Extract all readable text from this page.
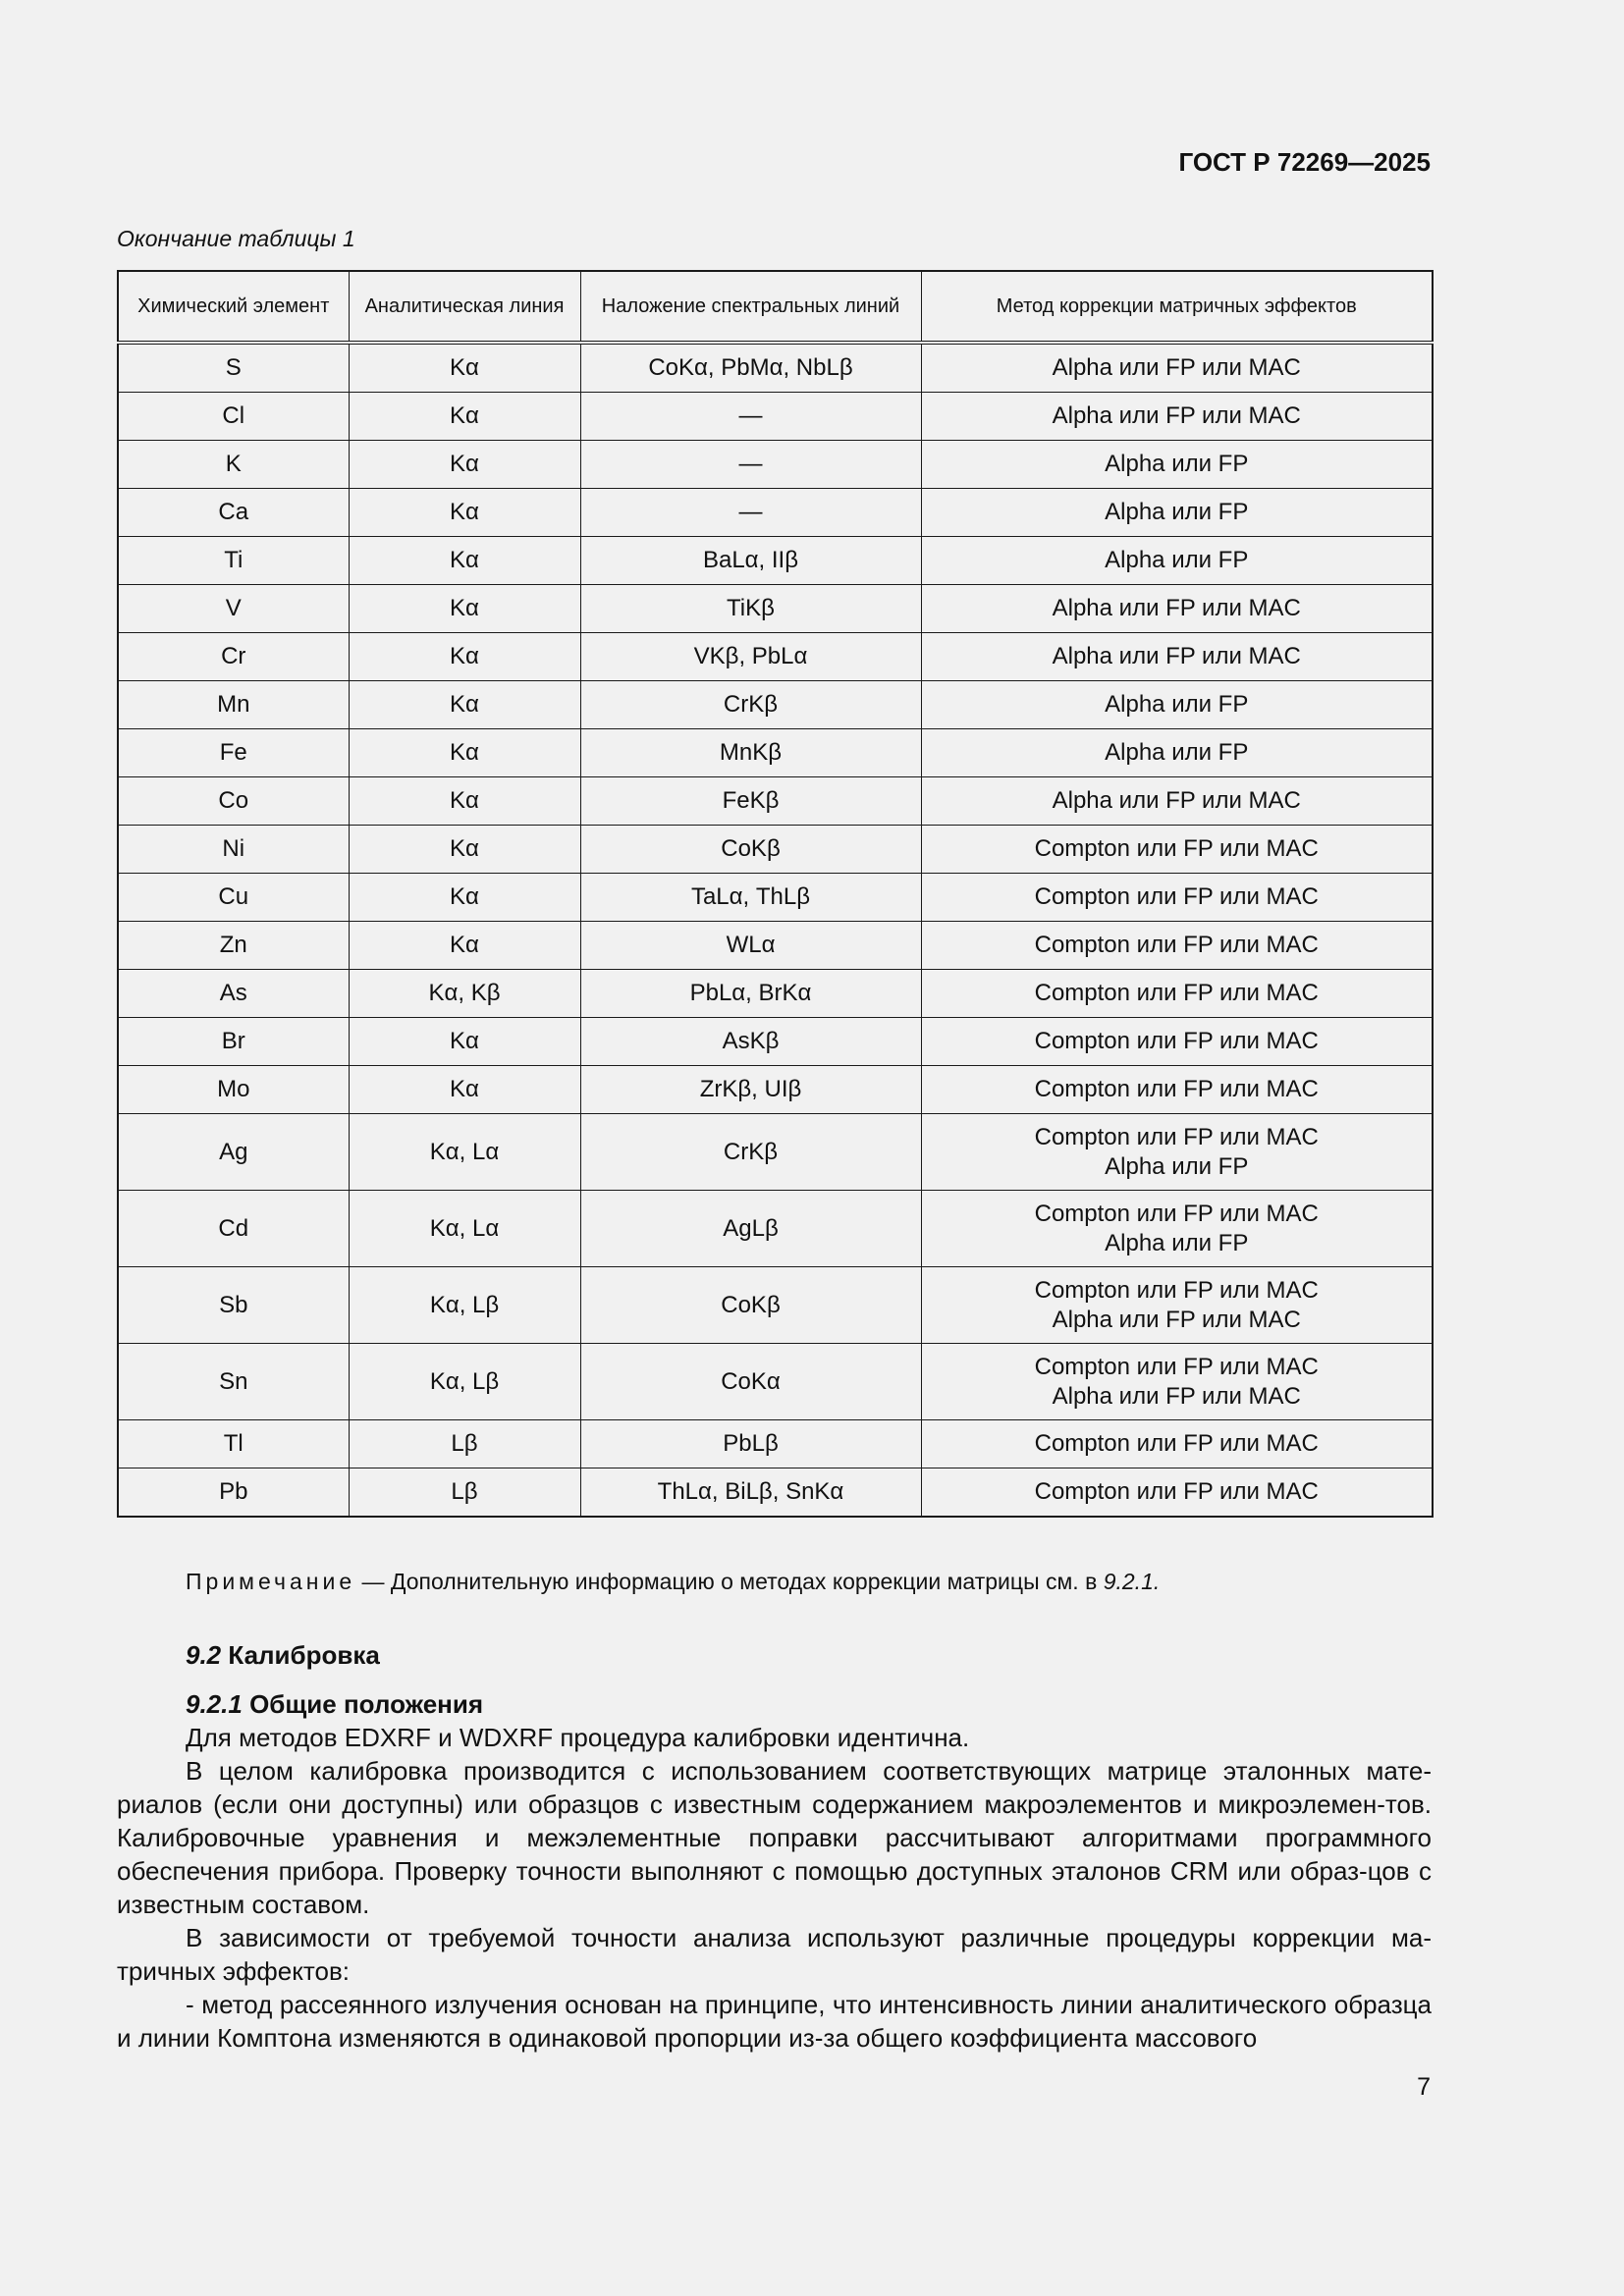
ГОСТ Р 72269—2025
Окончание таблицы 1
Химический элемент	Аналитическая линия	Наложение спектральных линий	Метод коррекции матричных эффектов
S	Kα	CoKα, PbMα, NbLβ	Alpha или FP или MAC

Cl	Kα	—	Alpha или FP или MAC

K	Kα	—	Alpha или FP

Ca	Kα	—	Alpha или FP

Ti	Kα	BaLα, IIβ	Alpha или FP

V	Kα	TiKβ	Alpha или FP или MAC

Cr	Kα	VKβ, PbLα	Alpha или FP или MAC

Mn	Kα	CrKβ	Alpha или FP

Fe	Kα	MnKβ	Alpha или FP

Co	Kα	FeKβ	Alpha или FP или MAC

Ni	Kα	CoKβ	Compton или FP или MAC

Cu	Kα	TaLα, ThLβ	Compton или FP или MAC

Zn	Kα	WLα	Compton или FP или MAC

As	Kα, Kβ	PbLα, BrKα	Compton или FP или MAC

Br	Kα	AsKβ	Compton или FP или MAC

Mo	Kα	ZrKβ, UIβ	Compton или FP или MAC

Ag	Kα, Lα	CrKβ	Compton или FP или MAC
Alpha или FP

Cd	Kα, Lα	AgLβ	Compton или FP или MAC
Alpha или FP

Sb	Kα, Lβ	CoKβ	Compton или FP или MAC
Alpha или FP или MAC

Sn	Kα, Lβ	CoKα	Compton или FP или MAC
Alpha или FP или MAC

Tl	Lβ	PbLβ	Compton или FP или MAC

Pb	Lβ	ThLα, BiLβ, SnKα	Compton или FP или MAC
Примечание — Дополнительную информацию о методах коррекции матрицы см. в 9.2.1.
9.2 Калибровка
9.2.1 Общие положения

Для методов EDXRF и WDXRF процедура калибровки идентична.

В целом калибровка производится с использованием соответствующих матрице эталонных мате-риалов (если они доступны) или образцов с известным содержанием макроэлементов и микроэлемен-тов. Калибровочные уравнения и межэлементные поправки рассчитывают алгоритмами программного обеспечения прибора. Проверку точности выполняют с помощью доступных эталонов CRM или образ-цов с известным составом.

В зависимости от требуемой точности анализа используют различные процедуры коррекции ма-тричных эффектов:

- метод рассеянного излучения основан на принципе, что интенсивность линии аналитического образца и линии Комптона изменяются в одинаковой пропорции из-за общего коэффициента массового

7
